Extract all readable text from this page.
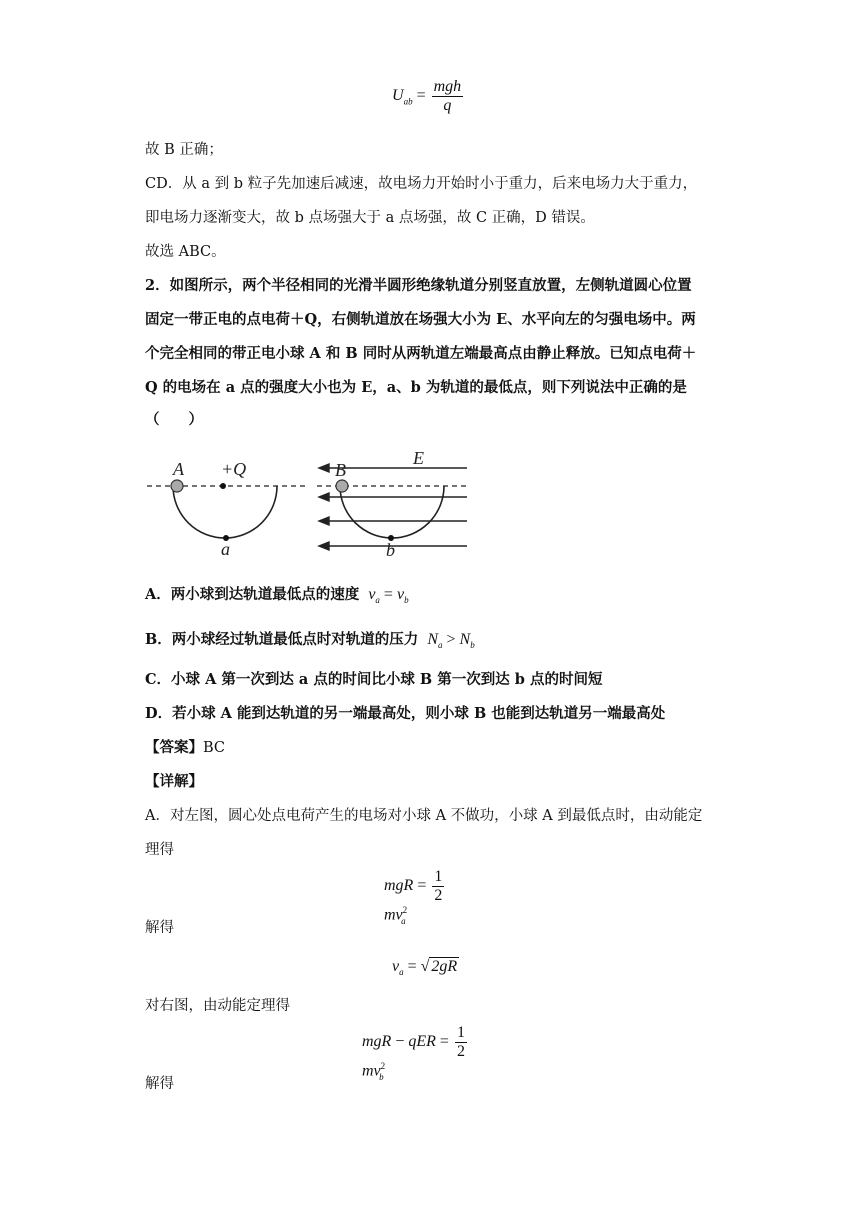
$U_{ab} = \frac{\text{mgh}}{q}$
故 B 正确；
CD．从 a 到 b 粒子先加速后减速，故电场力开始时小于重力，后来电场力大于重力，
即电场力逐渐变大，故 b 点场强大于 a 点场强，故 C 正确，D 错误。
故选 ABC。
2．如图所示，两个半径相同的光滑半圆形绝缘轨道分别竖直放置，左侧轨道圆心位置
固定一带正电的点电荷＋Q，右侧轨道放在场强大小为 E、水平向左的匀强电场中。两
个完全相同的带正电小球 A 和 B 同时从两轨道左端最高点由静止释放。已知点电荷＋
Q 的电场在 a 点的强度大小也为 E，a、b 为轨道的最低点，则下列说法中正确的是
（　　）
A +Q
a
B
E
b
A．两小球到达轨道最低点的速度 $v_a = v_b$
B．两小球经过轨道最低点时对轨道的压力 $N_a > N_b$
C．小球 A 第一次到达 a 点的时间比小球 B 第一次到达 b 点的时间短
D．若小球 A 能到达轨道的另一端最高处，则小球 B 也能到达轨道另一端最高处
【答案】BC
【详解】
A．对左图，圆心处点电荷产生的电场对小球 A 不做功，小球 A 到最低点时，由动能定
理得
mgR = $\frac{1}{2}$
$mv^2_a$
解得
$v_a$ = √ 2gR
对右图，由动能定理得
mgR − qER = $\frac{1}{2}$
$mv^2_b$
解得
